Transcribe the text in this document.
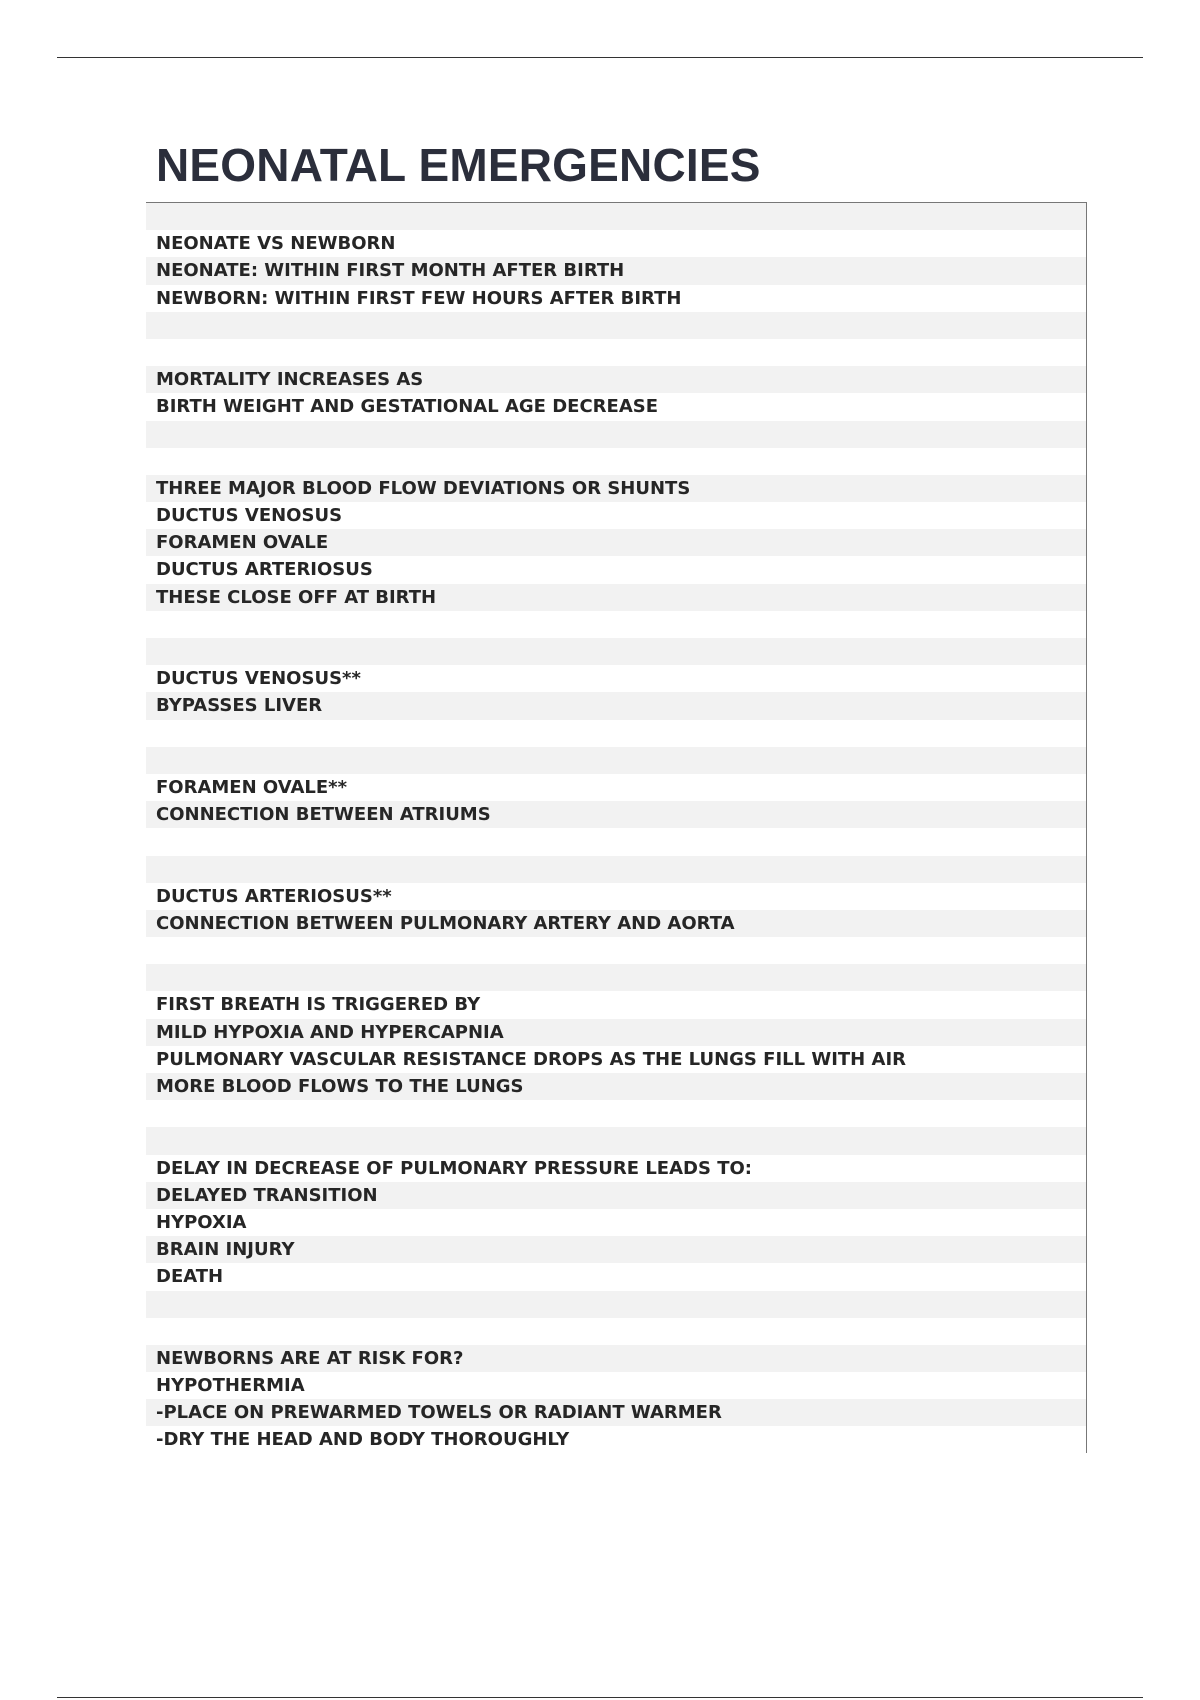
NEONATAL EMERGENCIES
NEONATE VS NEWBORN
NEONATE: WITHIN FIRST MONTH AFTER BIRTH
NEWBORN: WITHIN FIRST FEW HOURS AFTER BIRTH
MORTALITY INCREASES AS
BIRTH WEIGHT AND GESTATIONAL AGE DECREASE
THREE MAJOR BLOOD FLOW DEVIATIONS OR SHUNTS
DUCTUS VENOSUS
FORAMEN OVALE
DUCTUS ARTERIOSUS
THESE CLOSE OFF AT BIRTH
DUCTUS VENOSUS**
BYPASSES LIVER
FORAMEN OVALE**
CONNECTION BETWEEN ATRIUMS
DUCTUS ARTERIOSUS**
CONNECTION BETWEEN PULMONARY ARTERY AND AORTA
FIRST BREATH IS TRIGGERED BY
MILD HYPOXIA AND HYPERCAPNIA
PULMONARY VASCULAR RESISTANCE DROPS AS THE LUNGS FILL WITH AIR
MORE BLOOD FLOWS TO THE LUNGS
DELAY IN DECREASE OF PULMONARY PRESSURE LEADS TO:
DELAYED TRANSITION
HYPOXIA
BRAIN INJURY
DEATH
NEWBORNS ARE AT RISK FOR?
HYPOTHERMIA
-PLACE ON PREWARMED TOWELS OR RADIANT WARMER
-DRY THE HEAD AND BODY THOROUGHLY
